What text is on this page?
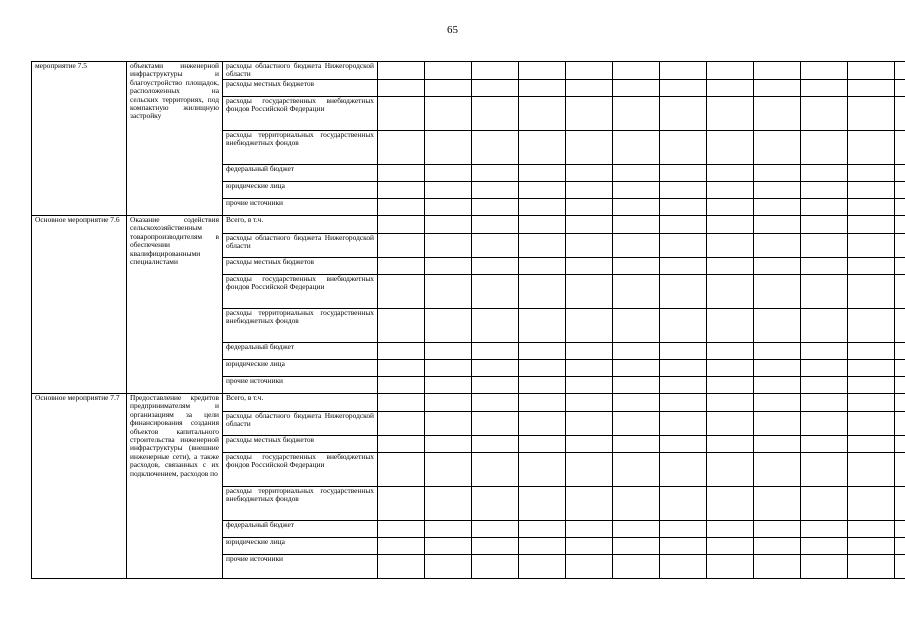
65
мероприятие 7.5	объектами инженерной инфраструктуры и благоустройство площадок, расположенных на сельских территориях, под компактную жилищную застройку	расходы областного бюджета Нижегородской области												
		расходы местных бюджетов												
		расходы государственных внебюджетных фондов Российской Федерации												
		расходы территориальных государственных внебюджетных фондов												
		федеральный бюджет												
		юридические лица												
		прочие источники												
Основное мероприятие 7.6	Оказание содействия сельскохозяйственным товаропроизводителям в обеспечении квалифицированными специалистами	Всего, в т.ч.												
		расходы областного бюджета Нижегородской области												
		расходы местных бюджетов												
		расходы государственных внебюджетных фондов Российской Федерации												
		расходы территориальных государственных внебюджетных фондов												
		федеральный бюджет												
		юридические лица												
		прочие источники												
Основное мероприятие 7.7	Предоставление кредитов предпринимателям и организациям за цели финансирования создания объектов капитального строительства инженерной инфраструктуры (внешние инженерные сети), а также расходов, связанных с их подключением, расходов по	Всего, в т.ч.												
		расходы областного бюджета Нижегородской области												
		расходы местных бюджетов												
		расходы государственных внебюджетных фондов Российской Федерации												
		расходы территориальных государственных внебюджетных фондов												
		федеральный бюджет												
		юридические лица												
		прочие источники												
